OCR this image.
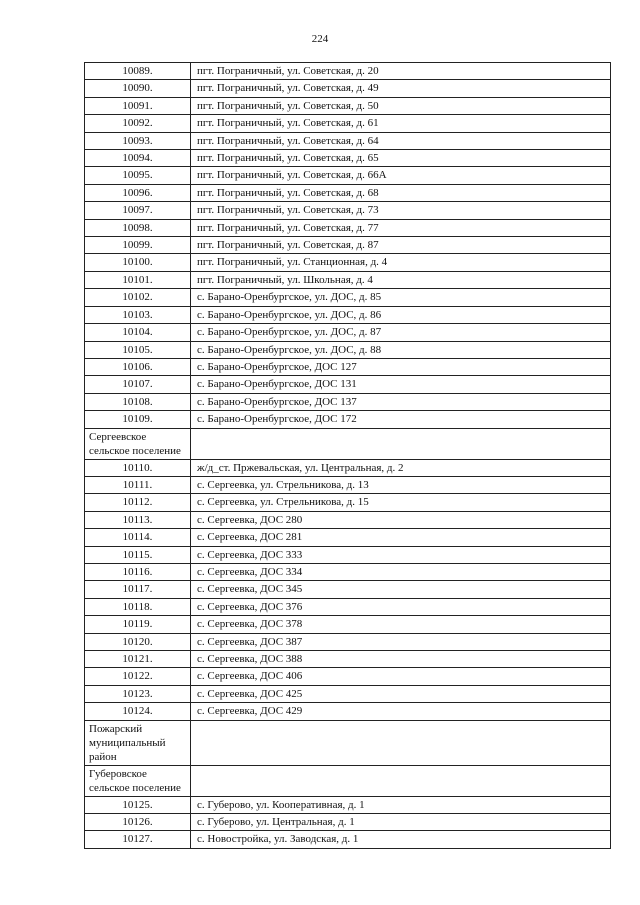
224
10089.	пгт. Пограничный, ул. Советская, д. 20
10090.	пгт. Пограничный, ул. Советская, д. 49
10091.	пгт. Пограничный, ул. Советская, д. 50
10092.	пгт. Пограничный, ул. Советская, д. 61
10093.	пгт. Пограничный, ул. Советская, д. 64
10094.	пгт. Пограничный, ул. Советская, д. 65
10095.	пгт. Пограничный, ул. Советская, д. 66А
10096.	пгт. Пограничный, ул. Советская, д. 68
10097.	пгт. Пограничный, ул. Советская, д. 73
10098.	пгт. Пограничный, ул. Советская, д. 77
10099.	пгт. Пограничный, ул. Советская, д. 87
10100.	пгт. Пограничный, ул. Станционная, д. 4
10101.	пгт. Пограничный, ул. Школьная, д. 4
10102.	с. Барано-Оренбургское, ул. ДОС, д. 85
10103.	с. Барано-Оренбургское, ул. ДОС, д. 86
10104.	с. Барано-Оренбургское, ул. ДОС, д. 87
10105.	с. Барано-Оренбургское, ул. ДОС, д. 88
10106.	с. Барано-Оренбургское, ДОС 127
10107.	с. Барано-Оренбургское, ДОС 131
10108.	с. Барано-Оренбургское, ДОС 137
10109.	с. Барано-Оренбургское, ДОС 172
Сергеевское сельское поселение	
10110.	ж/д_ст. Пржевальская, ул. Центральная, д. 2
10111.	с. Сергеевка, ул. Стрельникова, д. 13
10112.	с. Сергеевка, ул. Стрельникова, д. 15
10113.	с. Сергеевка, ДОС 280
10114.	с. Сергеевка, ДОС 281
10115.	с. Сергеевка, ДОС 333
10116.	с. Сергеевка, ДОС 334
10117.	с. Сергеевка, ДОС 345
10118.	с. Сергеевка, ДОС 376
10119.	с. Сергеевка, ДОС 378
10120.	с. Сергеевка, ДОС 387
10121.	с. Сергеевка, ДОС 388
10122.	с. Сергеевка, ДОС 406
10123.	с. Сергеевка, ДОС 425
10124.	с. Сергеевка, ДОС 429
Пожарский муниципальный район	
Губеровское сельское поселение	
10125.	с. Губерово, ул. Кооперативная, д. 1
10126.	с. Губерово, ул. Центральная, д. 1
10127.	с. Новостройка, ул. Заводская, д. 1
